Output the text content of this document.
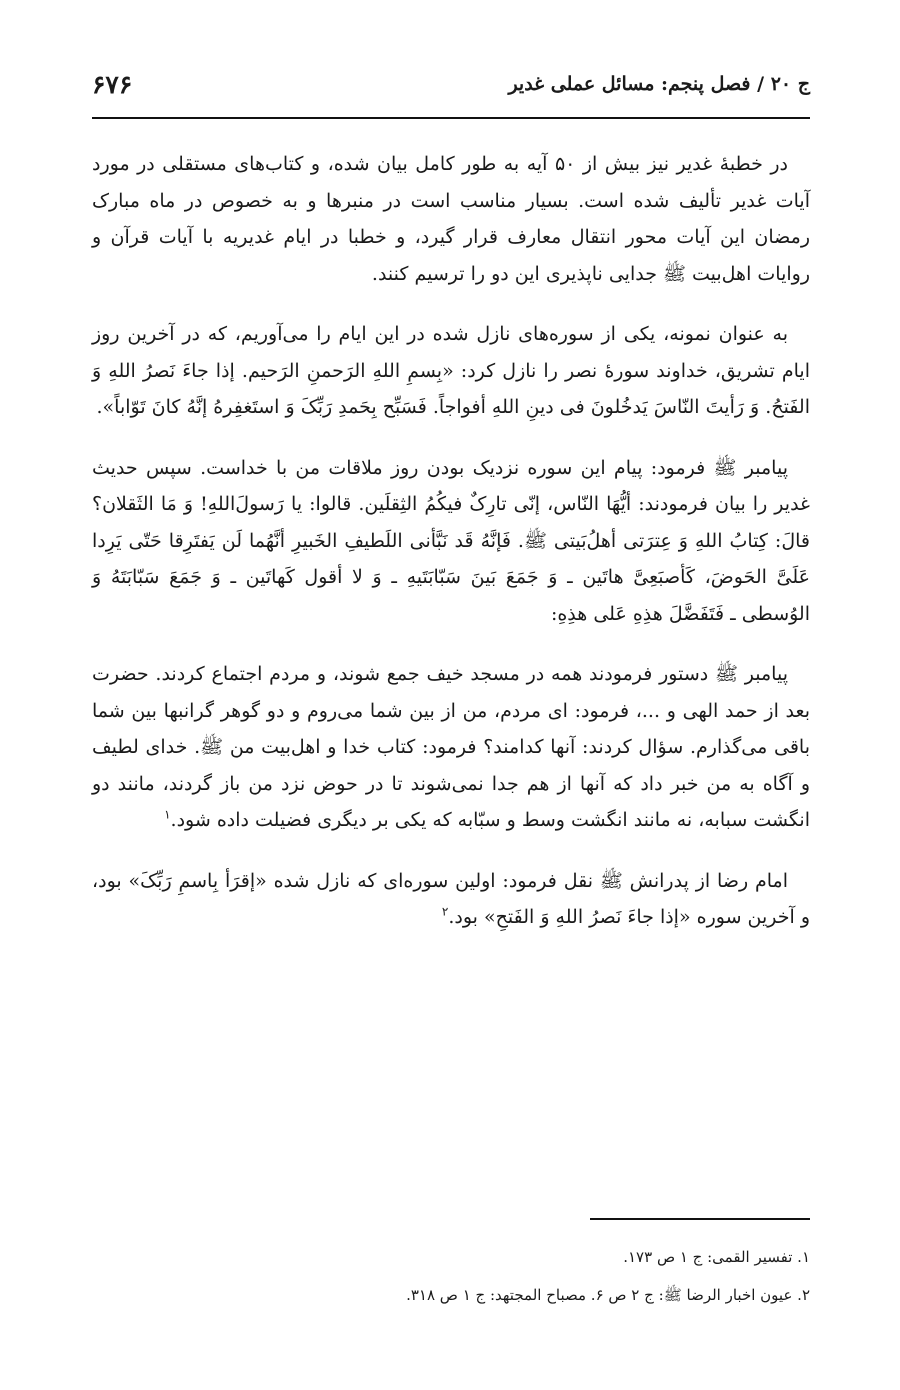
ج ۲۰ / فصل پنجم: مسائل عملی غدیر
۶۷۶

در خطبهٔ غدیر نیز بیش از ۵۰ آیه به طور کامل بیان شده، و کتاب‌های مستقلی در مورد آیات غدیر تألیف شده است. بسیار مناسب است در منبرها و به خصوص در ماه مبارک رمضان این آیات محور انتقال معارف قرار گیرد، و خطبا در ایام غدیریه با آیات قرآن و روایات اهل‌بیت ﷺ جدایی ناپذیری این دو را ترسیم کنند.

به عنوان نمونه، یکی از سوره‌های نازل شده در این ایام را می‌آوریم، که در آخرین روز ایام تشریق، خداوند سورهٔ نصر را نازل کرد: «بِسمِ اللهِ الرَحمنِ الرَحیم. إذا جاءَ نَصرُ اللهِ وَ الفَتحُ. وَ رَأیتَ النّاسَ یَدخُلونَ فی دینِ اللهِ أفواجاً. فَسَبِّح بِحَمدِ رَبِّکَ وَ استَغفِرهُ إنَّهُ کانَ تَوّاباً».

پیامبر ﷺ فرمود: پیام این سوره نزدیک بودن روز ملاقات من با خداست. سپس حدیث غدیر را بیان فرمودند: أیُّهَا النّاس، إنّی تارِکٌ فیکُمُ الثِقلَین. قالوا: یا رَسولَ‌اللهِ! وَ مَا الثَقلان؟ قالَ: کِتابُ اللهِ وَ عِترَتی أهلُ‌بَیتی ﷺ. فَإنَّهُ قَد نَبَّأنی اللَطیفِ الخَبیرِ أنَّهُما لَن یَفتَرِقا حَتّی یَرِدا عَلَیَّ الحَوضَ، کَأصبَعِیَّ هاتَین ـ وَ جَمَعَ بَینَ سَبّابَتَیهِ ـ وَ لا أقول کَهاتَین ـ وَ جَمَعَ سَبّابَتَهُ وَ الوُسطی ـ فَتَفَضَّلَ هذِهِ عَلی هذِهِ:

پیامبر ﷺ دستور فرمودند همه در مسجد خیف جمع شوند، و مردم اجتماع کردند. حضرت بعد از حمد الهی و ...، فرمود: ای مردم، من از بین شما می‌روم و دو گوهر گرانبها بین شما باقی می‌گذارم. سؤال کردند: آنها کدامند؟ فرمود: کتاب خدا و اهل‌بیت من ﷺ. خدای لطیف و آگاه به من خبر داد که آنها از هم جدا نمی‌شوند تا در حوض نزد من باز گردند، مانند دو انگشت سبابه، نه مانند انگشت وسط و سبّابه که یکی بر دیگری فضیلت داده شود.$^۱$

امام رضا از پدرانش ﷺ نقل فرمود: اولین سوره‌ای که نازل شده «إقرَأ بِاسمِ رَبِّکَ» بود، و آخرین سوره «إذا جاءَ نَصرُ اللهِ وَ الفَتحِ» بود.$^۲$

۱. تفسیر القمی: ج ۱ ص ۱۷۳.

۲. عیون اخبار الرضا ﷺ: ج ۲ ص ۶. مصباح المجتهد: ج ۱ ص ۳۱۸.
